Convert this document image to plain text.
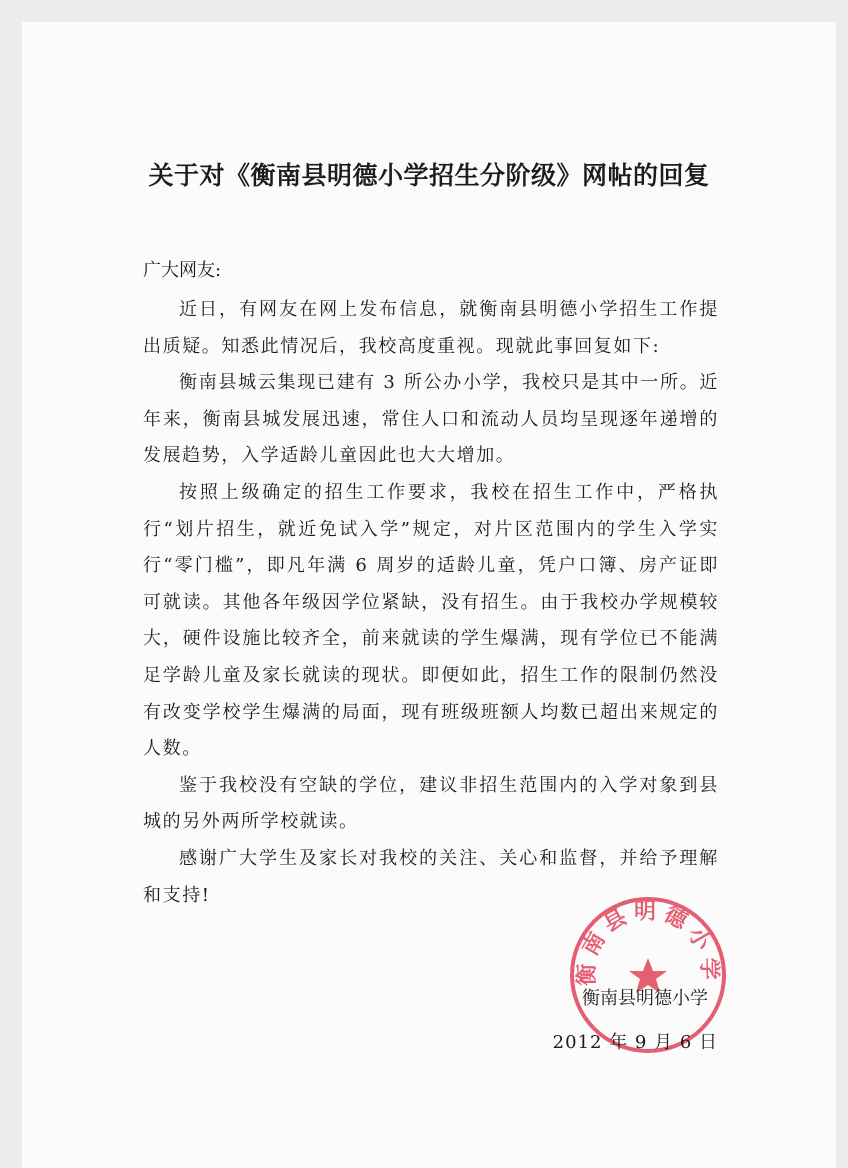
关于对《衡南县明德小学招生分阶级》网帖的回复
广大网友:

近日，有网友在网上发布信息，就衡南县明德小学招生工作提出质疑。知悉此情况后，我校高度重视。现就此事回复如下:

衡南县城云集现已建有 3 所公办小学，我校只是其中一所。近年来，衡南县城发展迅速，常住人口和流动人员均呈现逐年递增的发展趋势，入学适龄儿童因此也大大增加。

按照上级确定的招生工作要求，我校在招生工作中，严格执行“划片招生，就近免试入学”规定，对片区范围内的学生入学实行“零门槛”，即凡年满 6 周岁的适龄儿童，凭户口簿、房产证即可就读。其他各年级因学位紧缺，没有招生。由于我校办学规模较大，硬件设施比较齐全，前来就读的学生爆满，现有学位已不能满足学龄儿童及家长就读的现状。即便如此，招生工作的限制仍然没有改变学校学生爆满的局面，现有班级班额人均数已超出来规定的人数。

鉴于我校没有空缺的学位，建议非招生范围内的入学对象到县城的另外两所学校就读。

感谢广大学生及家长对我校的关注、关心和监督，并给予理解和支持!

衡南县明德小学
衡南县明德小学
2012 年 9 月 6 日
